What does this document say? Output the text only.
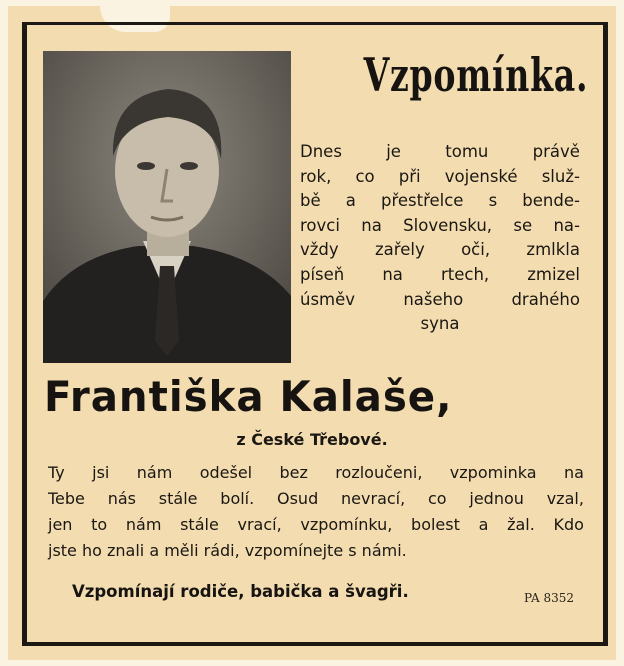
Vzpomínka.
Dnes	je	tomu	právě
rok, co při vojenské služ-
bě a přestřelce s bende-
rovci na Slovensku, se na-
vždy zařely oči, zmlkla
píseň na rtech, zmizel
úsměv	našeho	drahého
syna
Františka Kalaše,
z České Třebové.
Ty jsi nám odešel bez rozloučeni, vzpominka na
Tebe nás stále bolí. Osud nevrací, co jednou vzal,
jen to nám stále vrací, vzpomínku, bolest a žal. Kdo
jste ho znali a měli rádi, vzpomínejte s námi.
Vzpomínají rodiče, babička a švagři.	PA 8352
